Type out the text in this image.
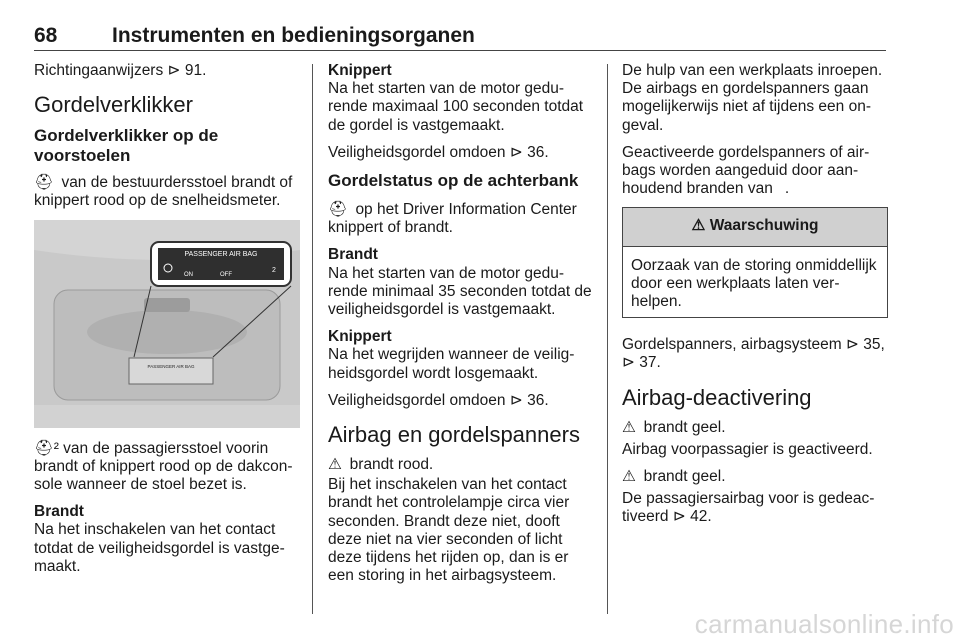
68	Instrumenten en bedieningsorganen

Richtingaanwijzers ⊳ 91.

Gordelverklikker
Gordelverklikker op de voorstoelen

⛑ van de bestuurdersstoel brandt of knippert rood op de snelheidsmeter.

PASSENGER AIR BAG
ON	OFF
2
PASSENGER AIR BAG

⛑² van de passagiersstoel voorin brandt of knippert rood op de dakconsole wanneer de stoel bezet is.

Brandt

Na het inschakelen van het contact totdat de veiligheidsgordel is vastgemaakt.

Knippert

Na het starten van de motor gedurende maximaal 100 seconden totdat de gordel is vastgemaakt.

Veiligheidsgordel omdoen ⊳ 36.

Gordelstatus op de achterbank

⛑ op het Driver Information Center knippert of brandt.

Brandt

Na het starten van de motor gedurende minimaal 35 seconden totdat de veiligheidsgordel is vastgemaakt.

Knippert

Na het wegrijden wanneer de veiligheidsgordel wordt losgemaakt.

Veiligheidsgordel omdoen ⊳ 36.

Airbag en gordelspanners

⚠ brandt rood.

Bij het inschakelen van het contact brandt het controlelampje circa vier seconden. Brandt deze niet, dooft deze niet na vier seconden of licht deze tijdens het rijden op, dan is er een storing in het airbagsysteem.

De hulp van een werkplaats inroepen. De airbags en gordelspanners gaan mogelijkerwijs niet af tijdens een ongeval.

Geactiveerde gordelspanners of airbags worden aangeduid door aanhoudend branden van  .

⚠ Waarschuwing
Oorzaak van de storing onmiddellijk door een werkplaats laten verhelpen.

Gordelspanners, airbagsysteem ⊳ 35, ⊳ 37.

Airbag-deactivering

⚠ brandt geel.

Airbag voorpassagier is geactiveerd.

⚠ brandt geel.

De passagiersairbag voor is gedeactiveerd ⊳ 42.

carmanualsonline.info
